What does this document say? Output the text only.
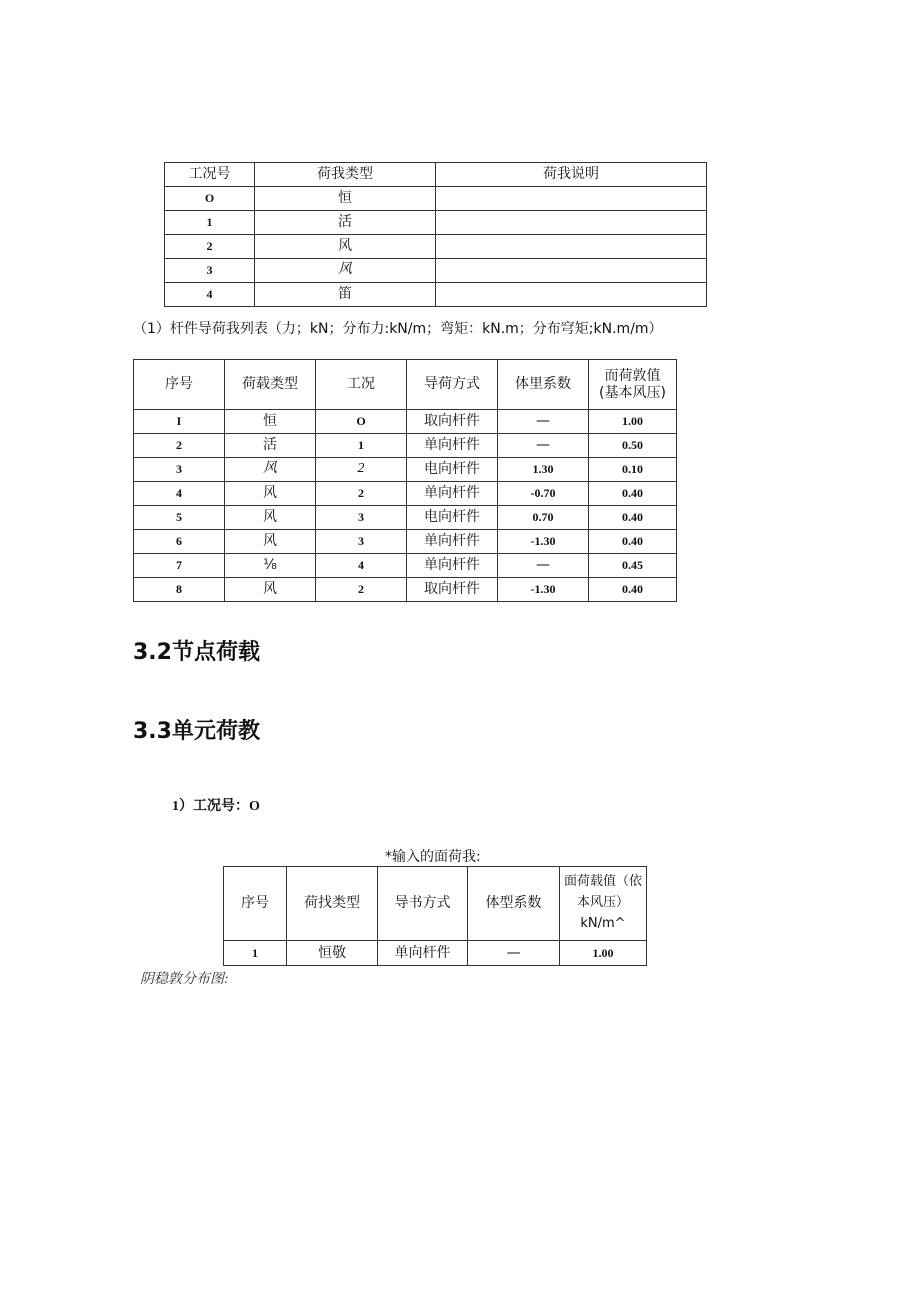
工况号	荷我类型	荷我说明
O	恒	
1	活	
2	风	
3	风	
4	笛	
（1）杆件导荷我列表（力；kN；分布力:kN/m；弯矩：kN.m；分布穹矩;kN.m/m）
序号	荷载类型	工况	导荷方式	体里系数	而荷敦值
(基本风压)
I	恒	O	取向杆件	—	1.00
2	活	1	单向杆件	—	0.50
3	风	2	电向杆件	1.30	0.10
4	风	2	单向杆件	-0.70	0.40
5	风	3	电向杆件	0.70	0.40
6	风	3	单向杆件	-1.30	0.40
7	⅛	4	单向杆件	—	0.45
8	风	2	取向杆件	-1.30	0.40
3.2节点荷载
3.3单元荷教
1）工况号：O
*输入的面荷我:
序号	荷找类型	导书方式	体型系数	面荷载值（依
本风压）
kN/m^
1	恒敬	单向杆件	—	1.00
阴稳敦分布图:
